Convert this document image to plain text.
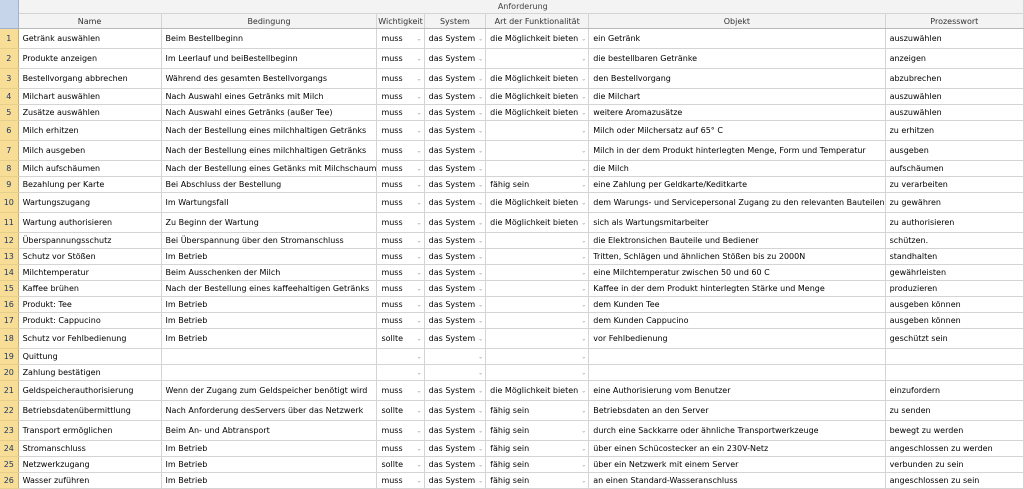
	Anforderung						
	Name	Bedingung	Wichtigkeit	System	Art der Funktionalität	Objekt	Prozesswort
1	Getränk auswählen	Beim Bestellbeginn	muss ⌄	das System ⌄	die Möglichkeit bieten ⌄	ein Getränk	auszuwählen
2	Produkte anzeigen	Im Leerlauf und beiBestellbeginn	muss ⌄	das System ⌄	⌄	die bestellbaren Getränke	anzeigen
3	Bestellvorgang abbrechen	Während des gesamten Bestellvorgangs	muss ⌄	das System ⌄	die Möglichkeit bieten ⌄	den Bestellvorgang	abzubrechen
4	Milchart auswählen	Nach Auswahl eines Getränks mit Milch	muss ⌄	das System ⌄	die Möglichkeit bieten ⌄	die Milchart	auszuwählen
5	Zusätze auswählen	Nach Auswahl eines Getränks (außer Tee)	muss ⌄	das System ⌄	die Möglichkeit bieten ⌄	weitere Aromazusätze	auszuwählen
6	Milch erhitzen	Nach der Bestellung eines milchhaltigen Getränks	muss ⌄	das System ⌄	⌄	Milch oder Milchersatz auf 65° C	zu erhitzen
7	Milch ausgeben	Nach der Bestellung eines milchhaltigen Getränks	muss ⌄	das System ⌄	⌄	Milch in der dem Produkt hinterlegten Menge, Form und Temperatur	ausgeben
8	Milch aufschäumen	Nach der Bestellung eines Getänks mit Milchschaum	muss ⌄	das System ⌄	⌄	die Milch	aufschäumen
9	Bezahlung per Karte	Bei Abschluss der Bestellung	muss ⌄	das System ⌄	fähig sein ⌄	eine Zahlung per Geldkarte/Keditkarte	zu verarbeiten
10	Wartungszugang	Im Wartungsfall	muss ⌄	das System ⌄	die Möglichkeit bieten ⌄	dem Warungs- und Servicepersonal Zugang zu den relevanten Bauteilen	zu gewähren
11	Wartung authorisieren	Zu Beginn der Wartung	muss ⌄	das System ⌄	die Möglichkeit bieten ⌄	sich als Wartungsmitarbeiter	zu authorisieren
12	Überspannungsschutz	Bei Überspannung über den Stromanschluss	muss ⌄	das System ⌄	⌄	die Elektronsichen Bauteile und Bediener	schützen.
13	Schutz vor Stößen	Im Betrieb	muss ⌄	das System ⌄	⌄	Tritten, Schlägen und ähnlichen Stößen bis zu 2000N	standhalten
14	Milchtemperatur	Beim Ausschenken der Milch	muss ⌄	das System ⌄	⌄	eine Milchtemperatur zwischen 50 und 60 C	gewährleisten
15	Kaffee brühen	Nach der Bestellung eines kaffeehaltigen Getränks	muss ⌄	das System ⌄	⌄	Kaffee in der dem Produkt hinterlegten Stärke und Menge	produzieren
16	Produkt: Tee	Im Betrieb	muss ⌄	das System ⌄	⌄	dem Kunden Tee	ausgeben können
17	Produkt: Cappucino	Im Betrieb	muss ⌄	das System ⌄	⌄	dem Kunden Cappucino	ausgeben können
18	Schutz vor Fehlbedienung	Im Betrieb	sollte ⌄	das System ⌄	⌄	vor Fehlbedienung	geschützt sein
19	Quittung		⌄	⌄	⌄		

20	Zahlung bestätigen		⌄	⌄	⌄		

21	Geldspeicherauthorisierung	Wenn der Zugang zum Geldspeicher benötigt wird	muss ⌄	das System ⌄	die Möglichkeit bieten ⌄	eine Authorisierung vom Benutzer	einzufordern
22	Betriebsdatenübermittlung	Nach Anforderung desServers über das Netzwerk	sollte ⌄	das System ⌄	fähig sein ⌄	Betriebsdaten an den Server	zu senden
23	Transport ermöglichen	Beim An- und Abtransport	muss ⌄	das System ⌄	fähig sein ⌄	durch eine Sackkarre oder ähnliche Transportwerkzeuge	bewegt zu werden
24	Stromanschluss	Im Betrieb	muss ⌄	das System ⌄	fähig sein ⌄	über einen Schücostecker an ein 230V-Netz	angeschlossen zu werden
25	Netzwerkzugang	Im Betrieb	sollte ⌄	das System ⌄	fähig sein ⌄	über ein Netzwerk mit einem Server	verbunden zu sein
26	Wasser zuführen	Im Betrieb	muss ⌄	das System ⌄	fähig sein ⌄	an einen Standard-Wasseranschluss	angeschlossen zu sein
